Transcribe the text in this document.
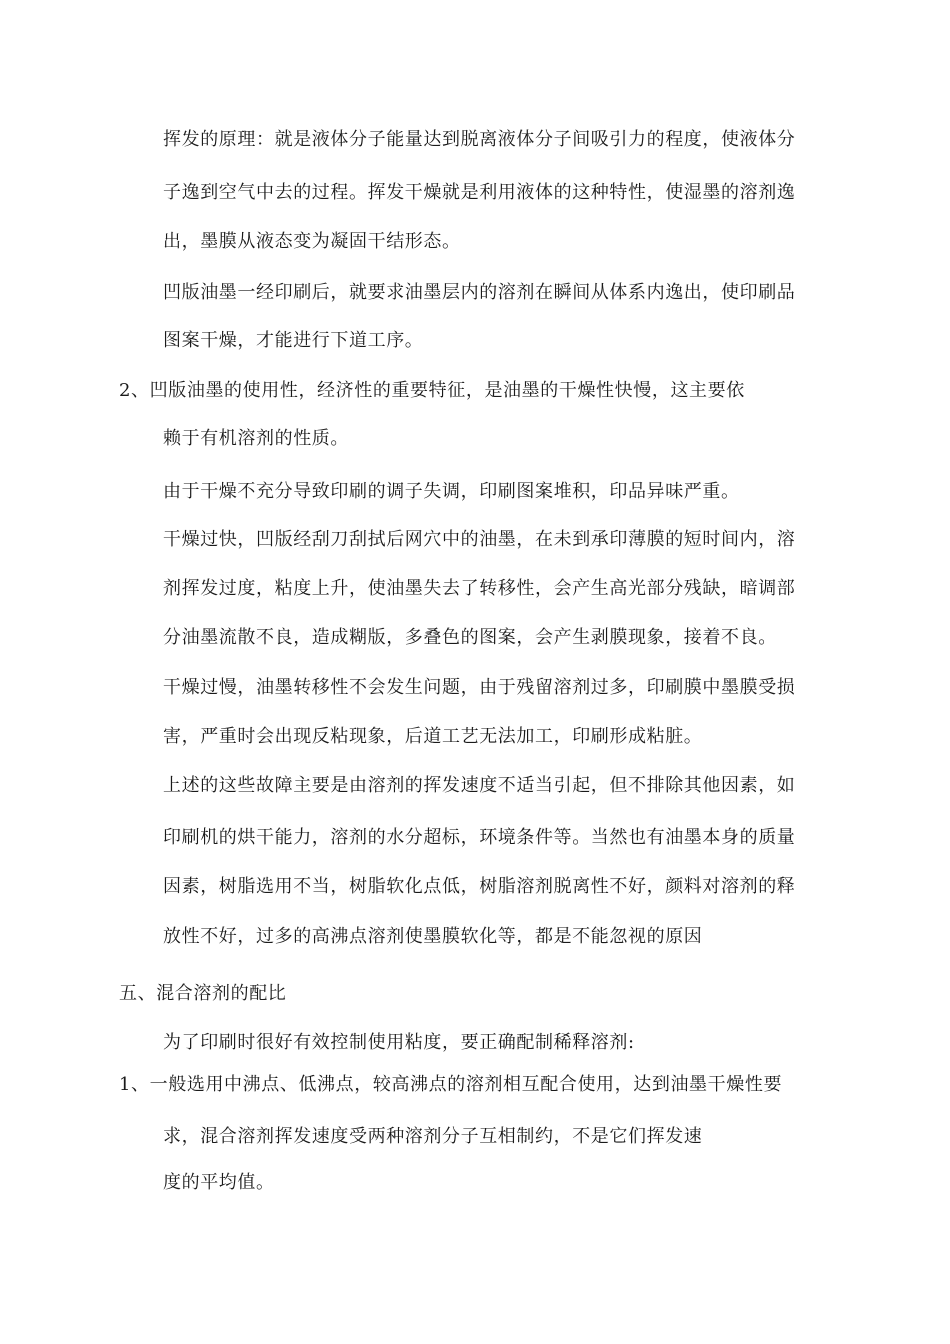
挥发的原理：就是液体分子能量达到脱离液体分子间吸引力的程度，使液体分
子逸到空气中去的过程。挥发干燥就是利用液体的这种特性，使湿墨的溶剂逸
出，墨膜从液态变为凝固干结形态。
凹版油墨一经印刷后，就要求油墨层内的溶剂在瞬间从体系内逸出，使印刷品
图案干燥，才能进行下道工序。
2、凹版油墨的使用性，经济性的重要特征，是油墨的干燥性快慢，这主要依
赖于有机溶剂的性质。
由于干燥不充分导致印刷的调子失调，印刷图案堆积，印品异味严重。
干燥过快，凹版经刮刀刮拭后网穴中的油墨，在未到承印薄膜的短时间内，溶
剂挥发过度，粘度上升，使油墨失去了转移性，会产生高光部分残缺，暗调部
分油墨流散不良，造成糊版，多叠色的图案，会产生剥膜现象，接着不良。
干燥过慢，油墨转移性不会发生问题，由于残留溶剂过多，印刷膜中墨膜受损
害，严重时会出现反粘现象，后道工艺无法加工，印刷形成粘脏。
上述的这些故障主要是由溶剂的挥发速度不适当引起，但不排除其他因素，如
印刷机的烘干能力，溶剂的水分超标，环境条件等。当然也有油墨本身的质量
因素，树脂选用不当，树脂软化点低，树脂溶剂脱离性不好，颜料对溶剂的释
放性不好，过多的高沸点溶剂使墨膜软化等，都是不能忽视的原因
五、混合溶剂的配比
为了印刷时很好有效控制使用粘度，要正确配制稀释溶剂:
1、一般选用中沸点、低沸点，较高沸点的溶剂相互配合使用，达到油墨干燥性要
求，混合溶剂挥发速度受两种溶剂分子互相制约，不是它们挥发速
度的平均值。
